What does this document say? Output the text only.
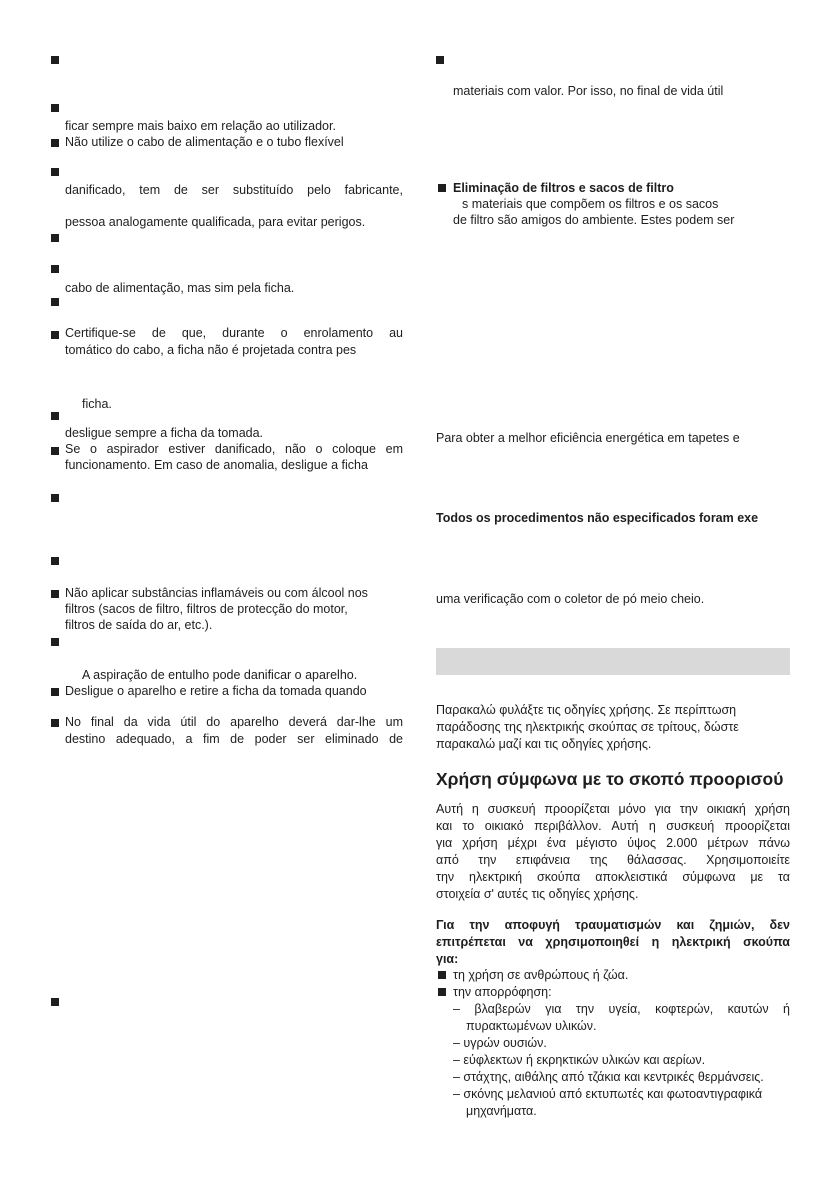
ficar sempre mais baixo em relação ao utilizador.
Não utilize o cabo de alimentação e o tubo flexível
danificado, tem de ser substituído pelo fabricante,
pessoa analogamente qualificada, para evitar perigos.
cabo de alimentação, mas sim pela ficha.
Certifique-se de que, durante o enrolamento au
tomático do cabo, a ficha não é projetada contra pes
ficha.
desligue sempre a ficha da tomada.
Se o aspirador estiver danificado, não o coloque em
funcionamento. Em caso de anomalia, desligue a ficha
Não aplicar substâncias inflamáveis ou com álcool nos
filtros (sacos de filtro, filtros de protecção do motor,
filtros de saída do ar, etc.).
A aspiração de entulho pode danificar o aparelho.
Desligue o aparelho e retire a ficha da tomada quando
No final da vida útil do aparelho deverá dar-lhe um
destino adequado, a fim de poder ser eliminado de
materiais com valor. Por isso, no final de vida útil
Eliminação de filtros e sacos de filtro
s materiais que compõem os filtros e os sacos
de filtro são amigos do ambiente. Estes podem ser
Para obter a melhor eficiência energética em tapetes e
Todos os procedimentos não especificados foram exe
uma verificação com o coletor de pó meio cheio.
Παρακαλώ φυλάξτε τις οδηγίες χρήσης. Σε περίπτωση
παράδοσης της ηλεκτρικής σκούπας σε τρίτους, δώστε
παρακαλώ μαζί και τις οδηγίες χρήσης.
Χρήση σύμφωνα με το σκοπό προορισού
Αυτή η συσκευή προορίζεται μόνο για την οικιακή χρήση
και το οικιακό περιβάλλον. Αυτή η συσκευή προορίζεται
για χρήση μέχρι ένα μέγιστο ύψος 2.000 μέτρων πάνω
από την επιφάνεια της θάλασσας. Χρησιμοποιείτε
την ηλεκτρική σκούπα αποκλειστικά σύμφωνα με τα
στοιχεία σ' αυτές τις οδηγίες χρήσης.
Για την αποφυγή τραυματισμών και ζημιών, δεν
επιτρέπεται να χρησιμοποιηθεί η ηλεκτρική σκούπα
για:
τη χρήση σε ανθρώπους ή ζώα.
την απορρόφηση:
– βλαβερών για την υγεία, κοφτερών, καυτών ή
πυρακτωμένων υλικών.
– υγρών ουσιών.
– εύφλεκτων ή εκρηκτικών υλικών και αερίων.
– στάχτης, αιθάλης από τζάκια και κεντρικές θερμάνσεις.
– σκόνης μελανιού από εκτυπωτές και φωτοαντιγραφικά
μηχανήματα.
